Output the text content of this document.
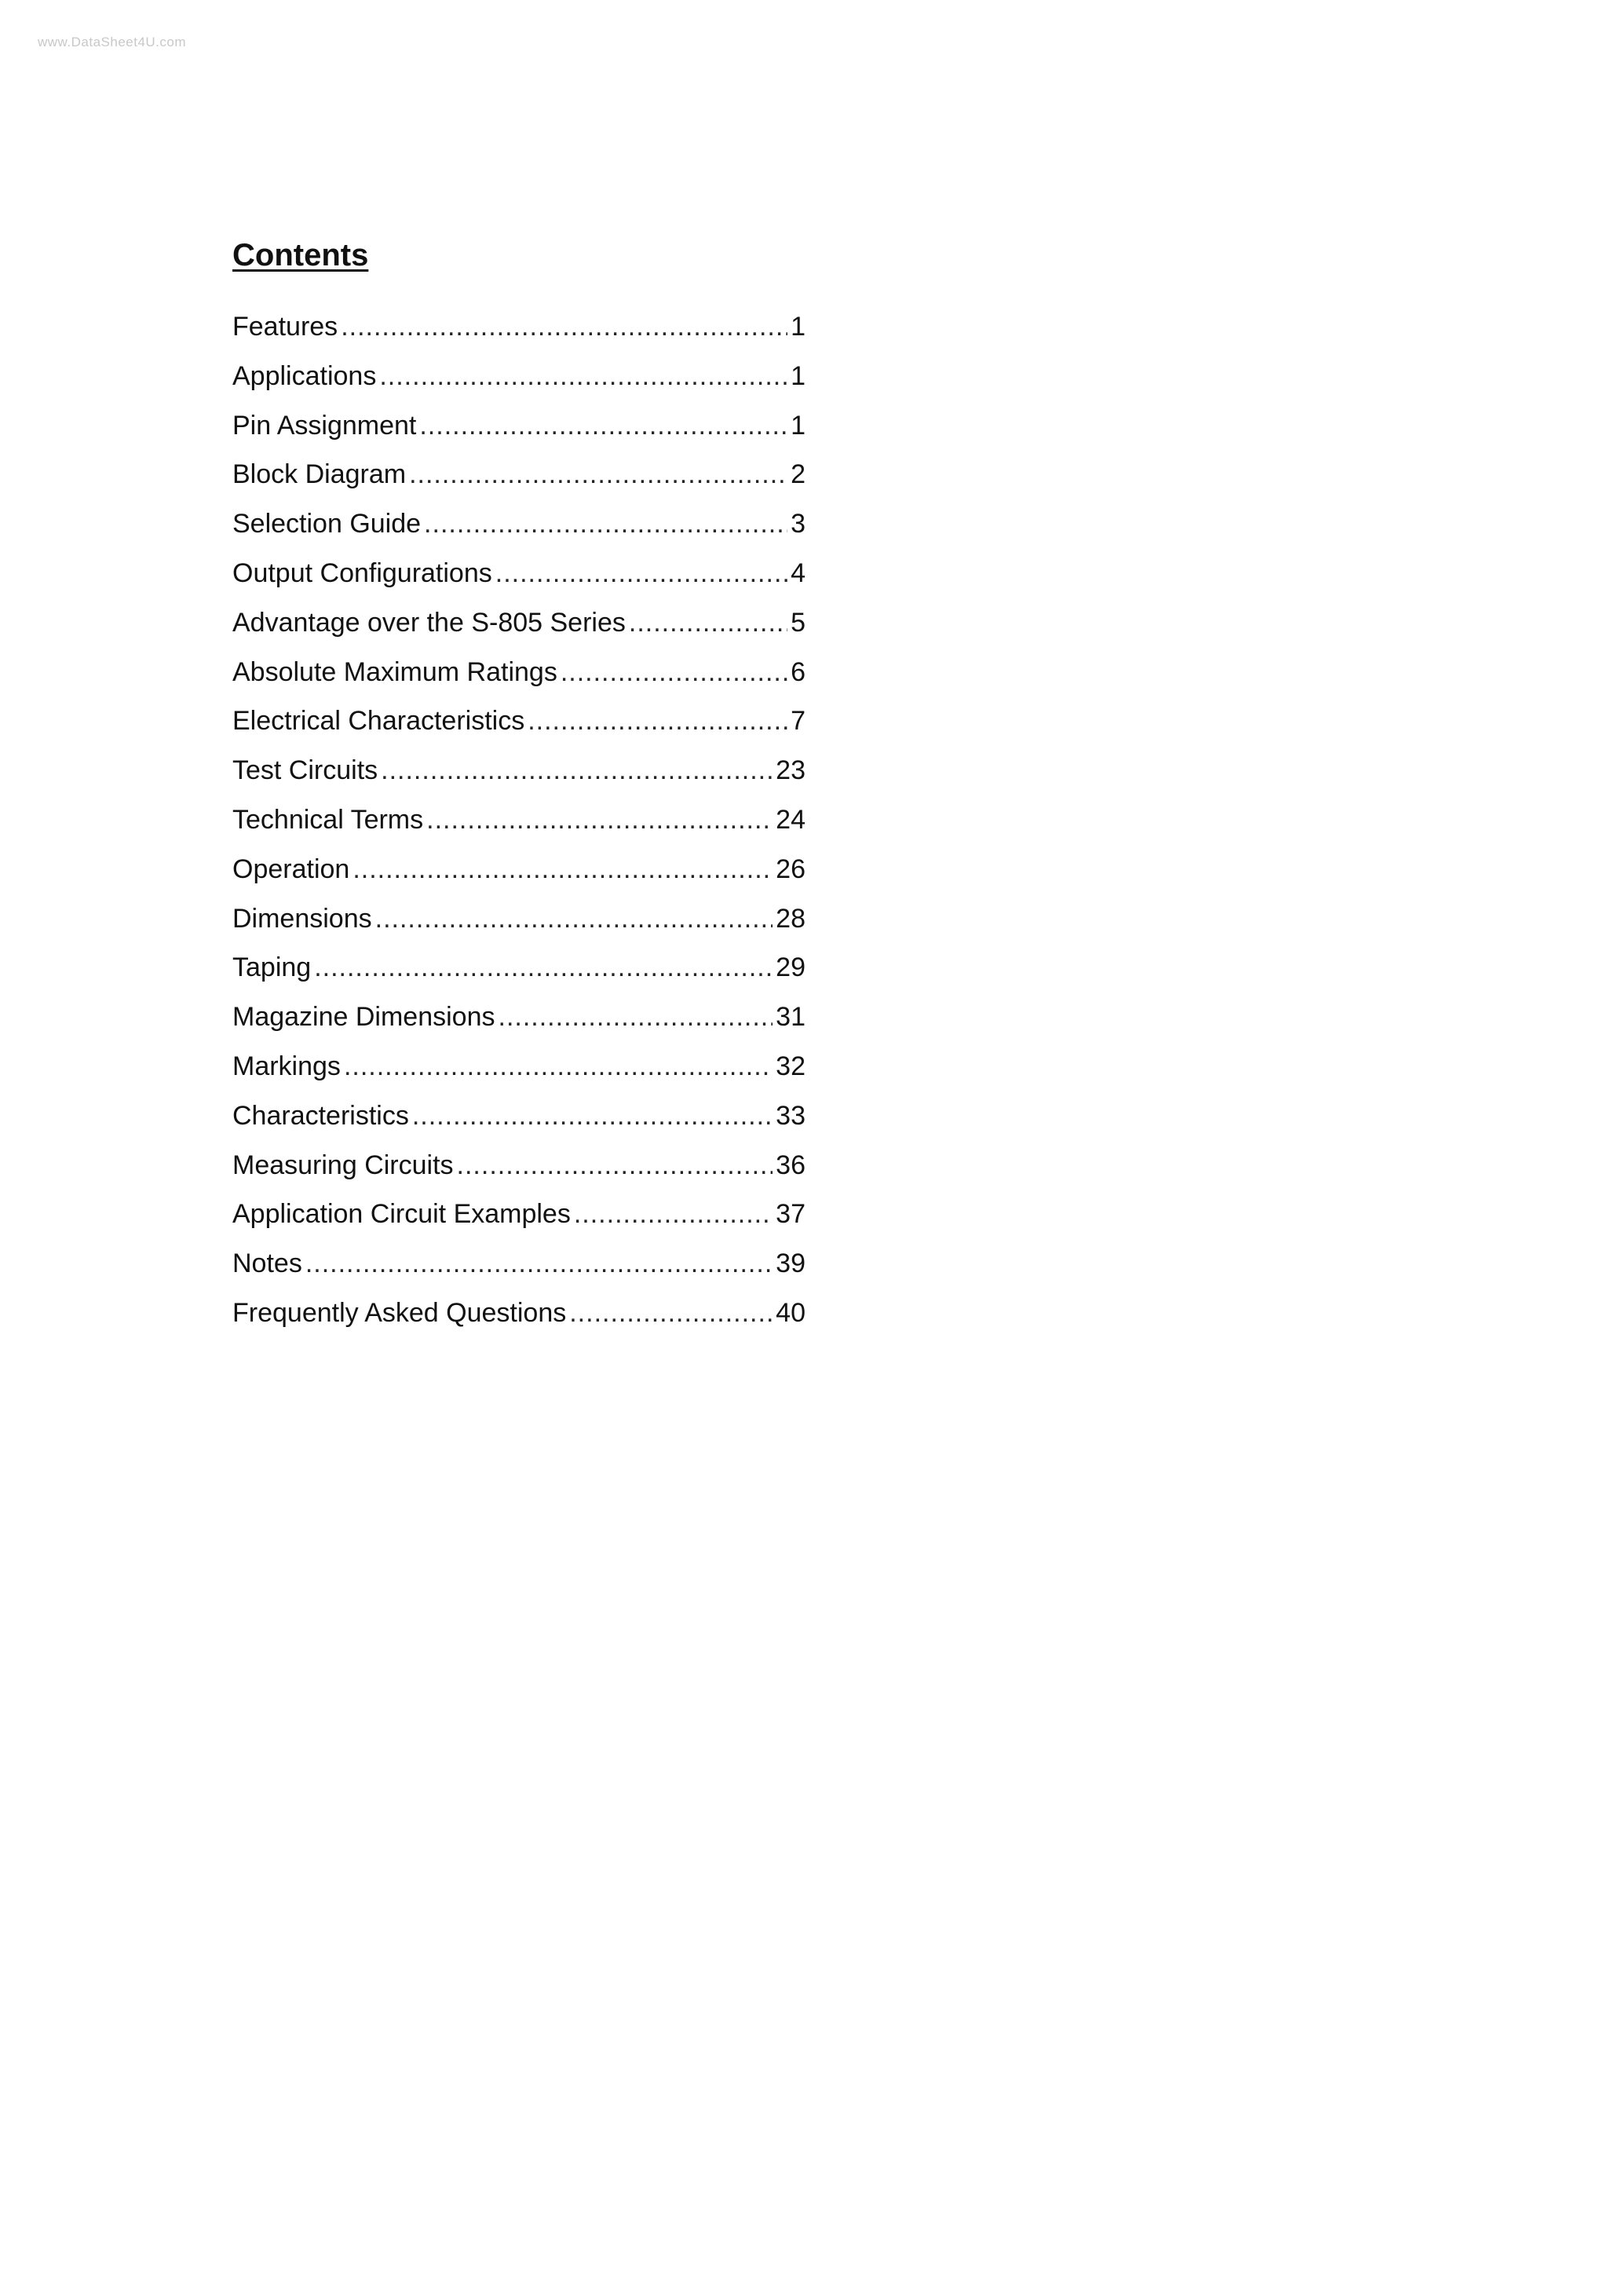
www.DataSheet4U.com
Contents
Features .....	1
Applications .....	1
Pin Assignment .....	1
Block Diagram .....	2
Selection Guide .....	3
Output Configurations .....	4
Advantage over the S-805 Series .....	5
Absolute Maximum Ratings .....	6
Electrical Characteristics .....	7
Test Circuits .....	23
Technical Terms .....	24
Operation .....	26
Dimensions .....	28
Taping .....	29
Magazine Dimensions .....	31
Markings .....	32
Characteristics .....	33
Measuring Circuits .....	36
Application Circuit Examples .....	37
Notes .....	39
Frequently Asked Questions .....	40
